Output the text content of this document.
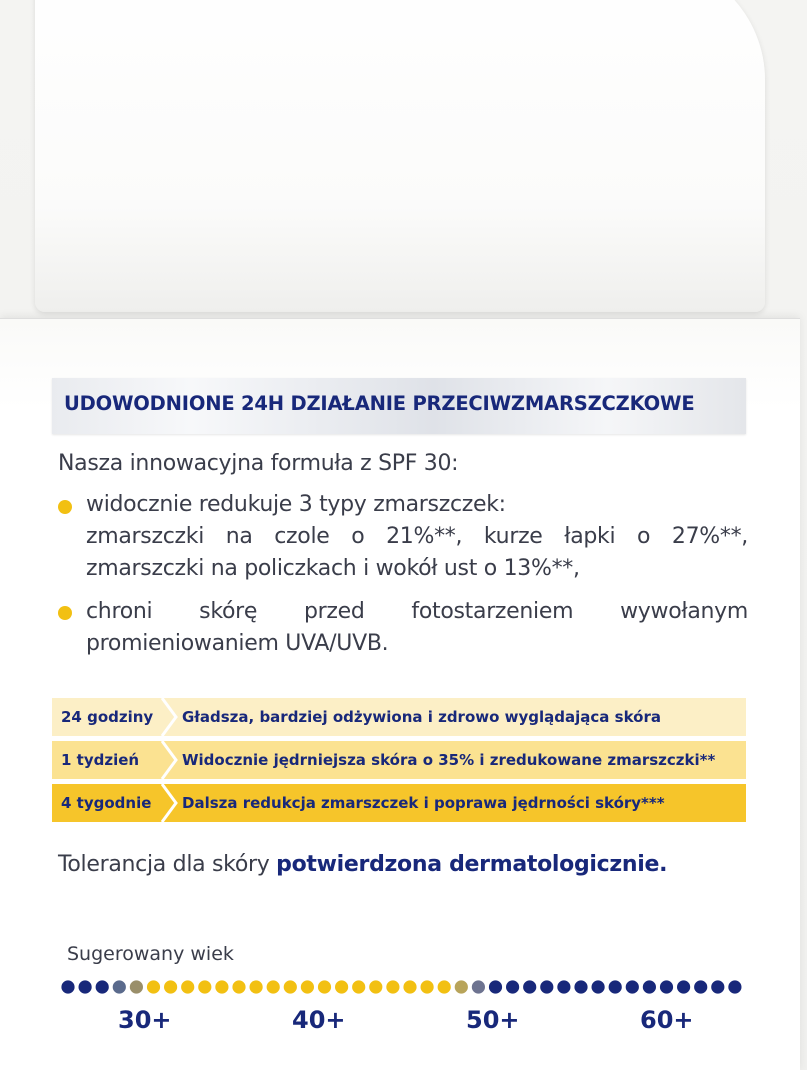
UDOWODNIONE 24H DZIAŁANIE PRZECIWZMARSZCZKOWE
Nasza innowacyjna formuła z SPF 30:
widocznie redukuje 3 typy zmarszczek:
zmarszczki na czole o 21%**, kurze łapki o 27%**,
zmarszczki na policzkach i wokół ust o 13%**,
chroni skórę przed fotostarzeniem wywołanym
promieniowaniem UVA/UVB.
24 godziny Gładsza, bardziej odżywiona i zdrowo wyglądająca skóra
1 tydzień	Widocznie jędrniejsza skóra o 35% i zredukowane zmarszczki**
4 tygodnie Dalsza redukcja zmarszczek i poprawa jędrności skóry***
Tolerancja dla skóry potwierdzona dermatologicznie.
Sugerowany wiek
30+	40+	50+	60+
